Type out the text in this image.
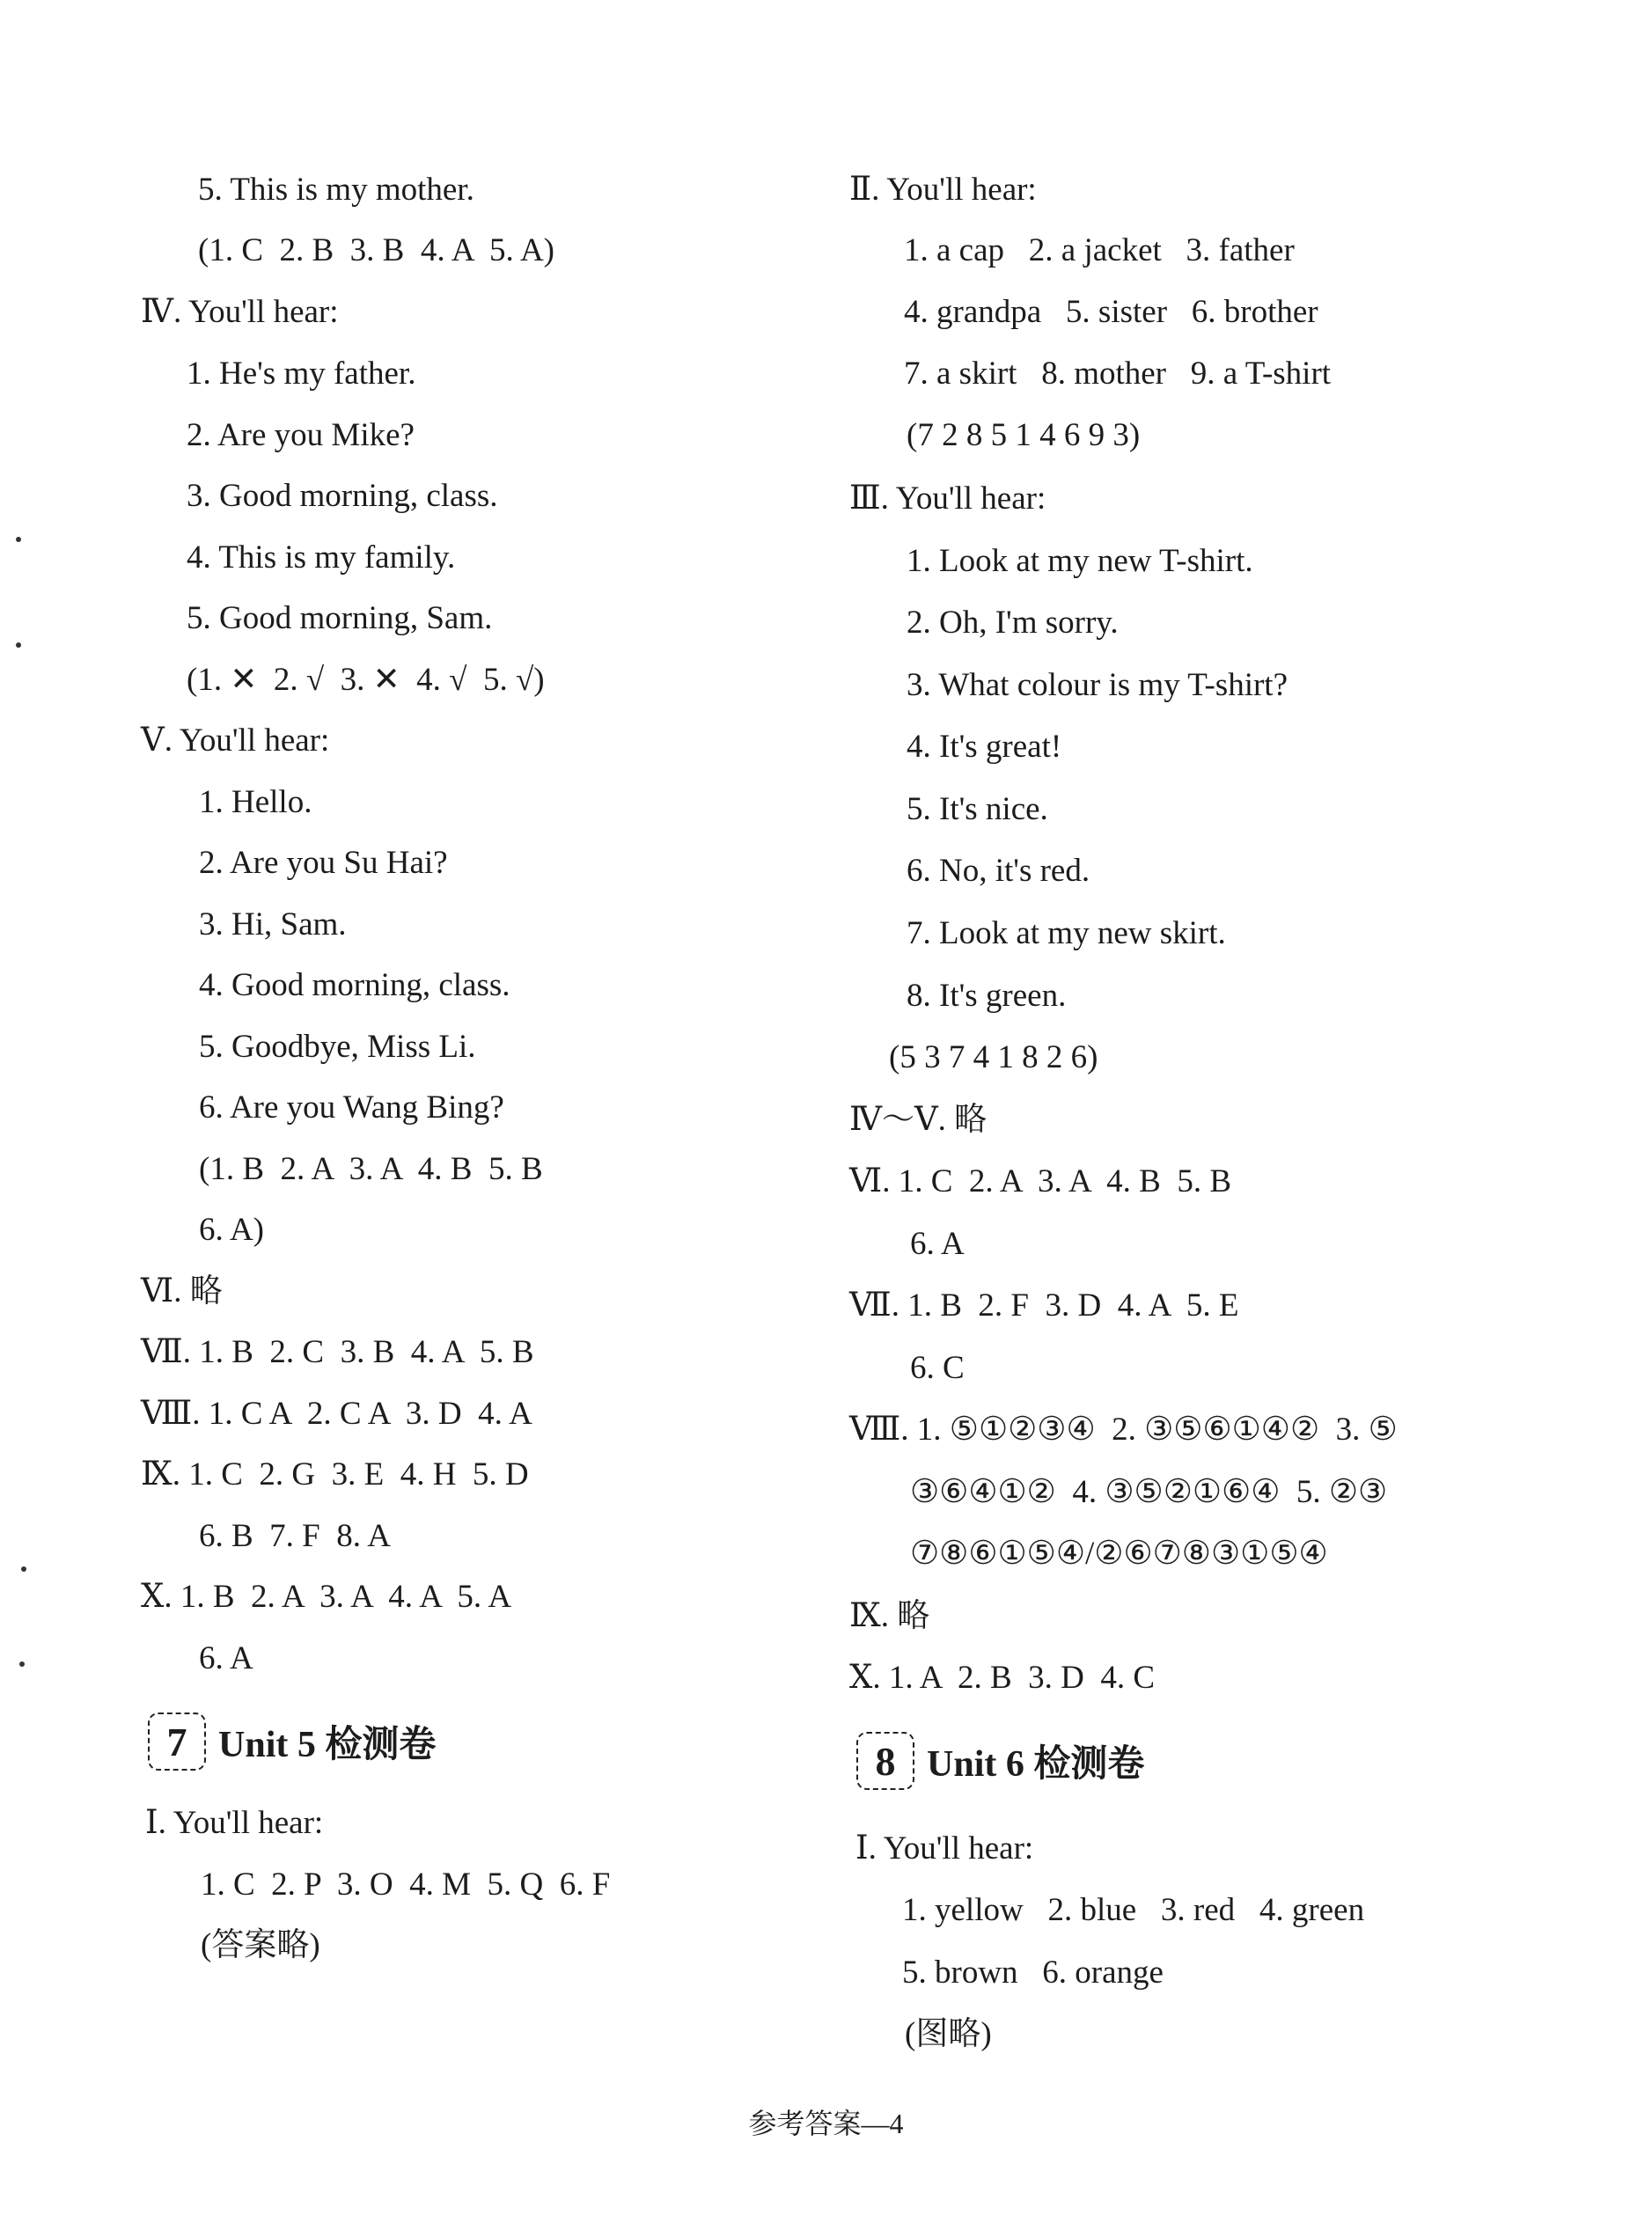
5. This is my mother.
(1. C  2. B  3. B  4. A  5. A)
Ⅳ. You'll hear:
1. He's my father.
2. Are you Mike?
3. Good morning, class.
4. This is my family.
5. Good morning, Sam.
(1. ✕  2. √  3. ✕  4. √  5. √)
Ⅴ. You'll hear:
1. Hello.
2. Are you Su Hai?
3. Hi, Sam.
4. Good morning, class.
5. Goodbye, Miss Li.
6. Are you Wang Bing?
(1. B  2. A  3. A  4. B  5. B
6. A)
Ⅵ. 略
Ⅶ. 1. B  2. C  3. B  4. A  5. B
Ⅷ. 1. C A  2. C A  3. D  4. A
Ⅸ. 1. C  2. G  3. E  4. H  5. D
6. B  7. F  8. A
Ⅹ. 1. B  2. A  3. A  4. A  5. A
6. A
7 Unit 5 检测卷
Ⅰ. You'll hear:
1. C  2. P  3. O  4. M  5. Q  6. F
(答案略)
Ⅱ. You'll hear:
1. a cap   2. a jacket   3. father
4. grandpa   5. sister   6. brother
7. a skirt   8. mother   9. a T-shirt
(7 2 8 5 1 4 6 9 3)
Ⅲ. You'll hear:
1. Look at my new T-shirt.
2. Oh, I'm sorry.
3. What colour is my T-shirt?
4. It's great!
5. It's nice.
6. No, it's red.
7. Look at my new skirt.
8. It's green.
(5 3 7 4 1 8 2 6)
Ⅳ～Ⅴ. 略
Ⅵ. 1. C  2. A  3. A  4. B  5. B
6. A
Ⅶ. 1. B  2. F  3. D  4. A  5. E
6. C
Ⅷ. 1. ⑤①②③④  2. ③⑤⑥①④②  3. ⑤
③⑥④①②  4. ③⑤②①⑥④  5. ②③
⑦⑧⑥①⑤④/②⑥⑦⑧③①⑤④
Ⅸ. 略
Ⅹ. 1. A  2. B  3. D  4. C
8 Unit 6 检测卷
Ⅰ. You'll hear:
1. yellow   2. blue   3. red   4. green
5. brown   6. orange
(图略)
参考答案—4
